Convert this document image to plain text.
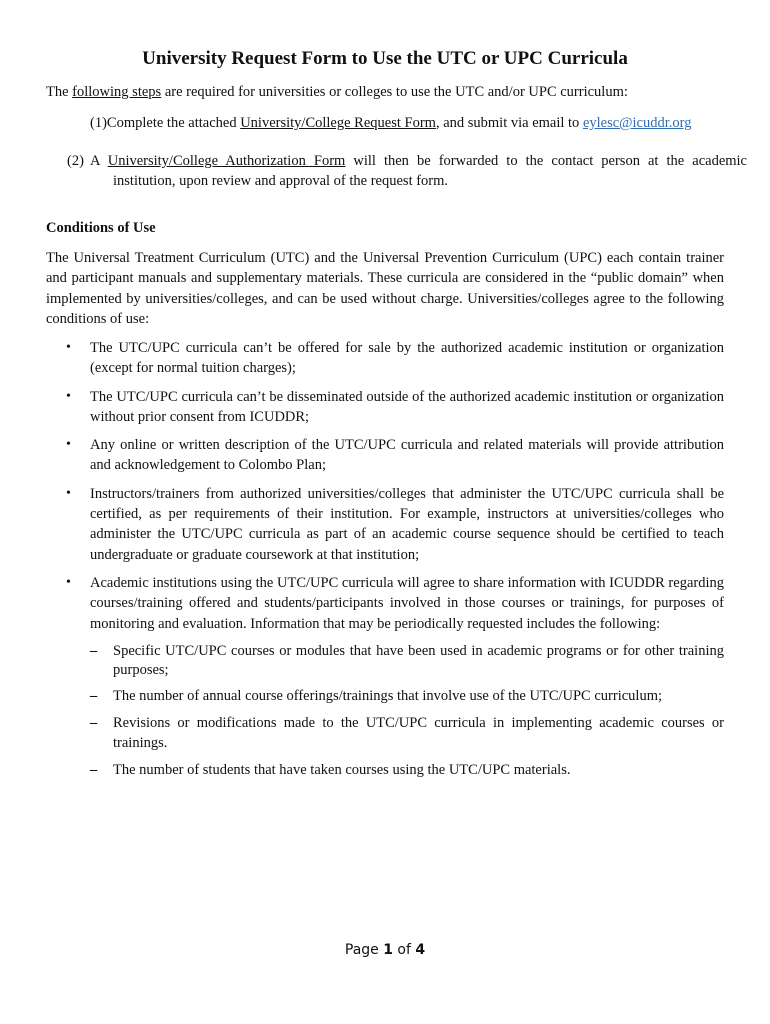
University Request Form to Use the UTC or UPC Curricula
The following steps are required for universities or colleges to use the UTC and/or UPC curriculum:
(1)Complete the attached University/College Request Form, and submit via email to eylesc@icuddr.org
(2)A University/College Authorization Form will then be forwarded to the contact person at the academic institution, upon review and approval of the request form.
Conditions of Use
The Universal Treatment Curriculum (UTC) and the Universal Prevention Curriculum (UPC) each contain trainer and participant manuals and supplementary materials. These curricula are considered in the “public domain” when implemented by universities/colleges, and can be used without charge. Universities/colleges agree to the following conditions of use:
• The UTC/UPC curricula can’t be offered for sale by the authorized academic institution or organization (except for normal tuition charges);
• The UTC/UPC curricula can’t be disseminated outside of the authorized academic institution or organization without prior consent from ICUDDR;
• Any online or written description of the UTC/UPC curricula and related materials will provide attribution and acknowledgement to Colombo Plan;
• Instructors/trainers from authorized universities/colleges that administer the UTC/UPC curricula shall be certified, as per requirements of their institution. For example, instructors at universities/colleges who administer the UTC/UPC curricula as part of an academic course sequence should be certified to teach undergraduate or graduate coursework at that institution;
• Academic institutions using the UTC/UPC curricula will agree to share information with ICUDDR regarding courses/training offered and students/participants involved in those courses or trainings, for purposes of monitoring and evaluation. Information that may be periodically requested includes the following:
– Specific UTC/UPC courses or modules that have been used in academic programs or for other training purposes;
– The number of annual course offerings/trainings that involve use of the UTC/UPC curriculum;
– Revisions or modifications made to the UTC/UPC curricula in implementing academic courses or trainings.
– The number of students that have taken courses using the UTC/UPC materials.
Page 1 of 4
